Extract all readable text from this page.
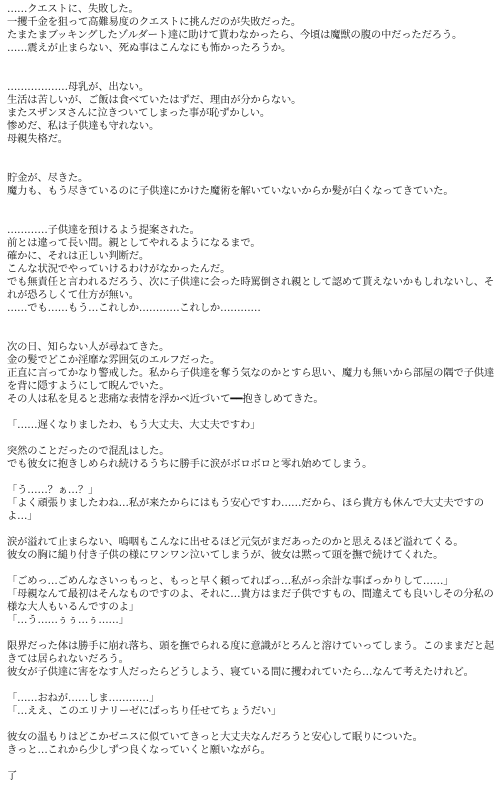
……クエストに、失敗した。
一攫千金を狙って高難易度のクエストに挑んだのが失敗だった。
たまたまブッキングしたゾルダート達に助けて貰わなかったら、今頃は魔獣の腹の中だっただろう。
……震えが止まらない、死ぬ事はこんなにも怖かったろうか。
………………母乳が、出ない。
生活は苦しいが、ご飯は食べていたはずだ、理由が分からない。
またスザンヌさんに泣きついてしまった事が恥ずかしい。
惨めだ、私は子供達も守れない。
母親失格だ。
貯金が、尽きた。
魔力も、もう尽きているのに子供達にかけた魔術を解いていないからか髪が白くなってきていた。
…………子供達を預けるよう提案された。
前とは違って長い間。親としてやれるようになるまで。
確かに、それは正しい判断だ。
こんな状況でやっていけるわけがなかったんだ。
でも無責任と言われるだろう、次に子供達に会った時罵倒され親として認めて貰えないかもしれないし、それが恐ろしくて仕方が無い。
……でも……もう…これしか…………これしか…………
次の日、知らない人が尋ねてきた。
金の髪でどこか淫靡な雰囲気のエルフだった。
正直に言ってかなり警戒した。私から子供達を奪う気なのかとすら思い、魔力も無いから部屋の隅で子供達を背に隠すようにして睨んでいた。
その人は私を見ると悲痛な表情を浮かべ近づいて━━抱きしめてきた。
「……遅くなりましたわ、もう大丈夫、大丈夫ですわ」
突然のことだったので混乱はした。
でも彼女に抱きしめられ続けるうちに勝手に涙がボロボロと零れ始めてしまう。
「う……？ぁ…？」
「よく頑張りましたわね…私が来たからにはもう安心ですわ……だから、ほら貴方も休んで大丈夫ですのよ…」
涙が溢れて止まらない、嗚咽もこんなに出せるほど元気がまだあったのかと思えるほど溢れてくる。
彼女の胸に縋り付き子供の様にワンワン泣いてしまうが、彼女は黙って頭を撫で続けてくれた。
「ごめっ…ごめんなさいっもっと、もっと早く頼ってればっ…私がっ余計な事ばっかりして……」
「母親なんて最初はそんなものですのよ、それに…貴方はまだ子供ですもの、間違えても良いしその分私の様な大人もいるんですのよ」
「…う……ぅぅ…ぅ……」
限界だった体は勝手に崩れ落ち、頭を撫でられる度に意識がとろんと溶けていってしまう。このままだと起きては居られないだろう。
彼女が子供達に害をなす人だったらどうしよう、寝ている間に攫われていたら…なんて考えたけれど。
「……おねが……しま…………」
「…ええ、このエリナリーゼにばっちり任せてちょうだい」
彼女の温もりはどこかゼニスに似ていてきっと大丈夫なんだろうと安心して眠りについた。
きっと…これから少しずつ良くなっていくと願いながら。
了
